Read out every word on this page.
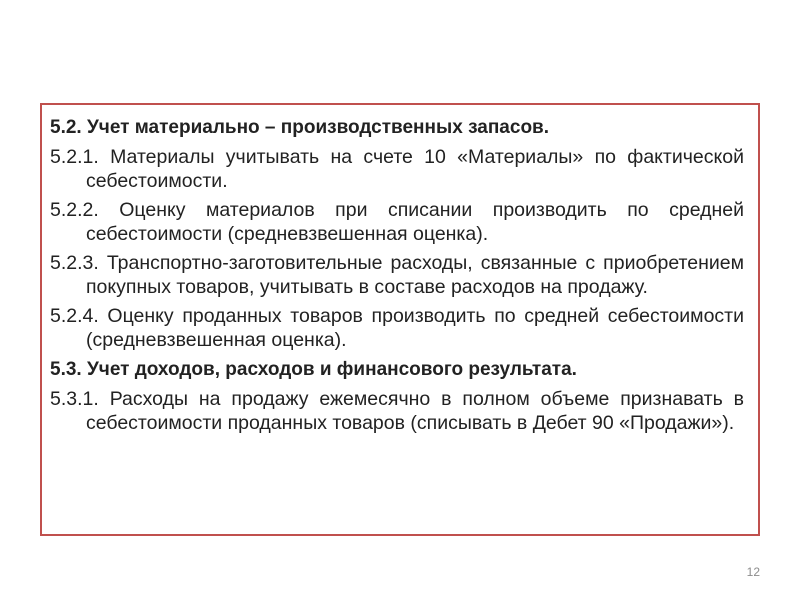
5.2. Учет материально – производственных запасов.

5.2.1. Материалы учитывать на счете 10 «Материалы» по фактической себестоимости.

5.2.2. Оценку материалов при списании производить по средней себестоимости (средневзвешенная оценка).

5.2.3. Транспортно-заготовительные расходы, связанные с приобретением покупных товаров, учитывать в составе расходов на продажу.

5.2.4. Оценку проданных товаров производить по средней себестоимости (средневзвешенная оценка).

5.3. Учет доходов, расходов и финансового результата.

5.3.1. Расходы на продажу ежемесячно в полном объеме признавать в себестоимости проданных товаров (списывать в Дебет 90 «Продажи»).

12
